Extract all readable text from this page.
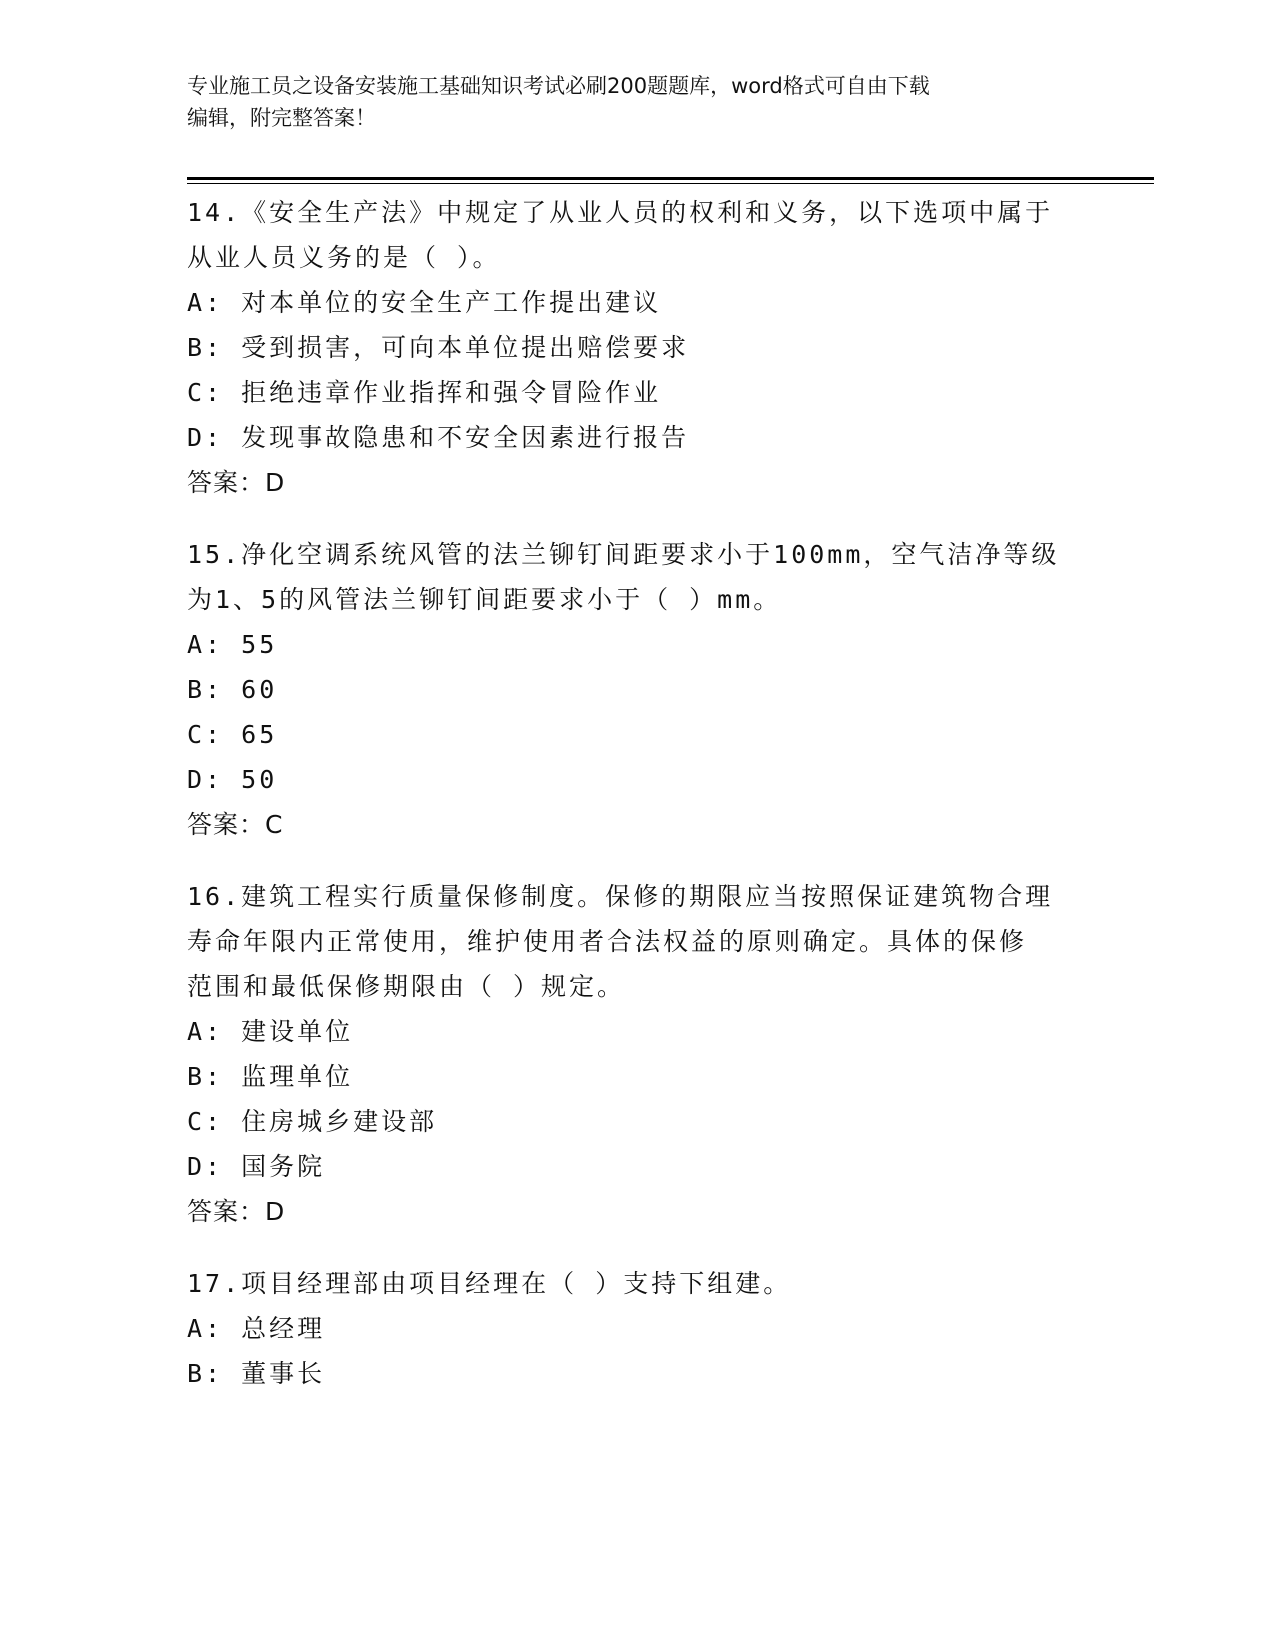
专业施工员之设备安装施工基础知识考试必刷200题题库，word格式可自由下载
编辑，附完整答案！
14.《安全生产法》中规定了从业人员的权利和义务，以下选项中属于
从业人员义务的是（ ）。
A: 对本单位的安全生产工作提出建议
B: 受到损害，可向本单位提出赔偿要求
C: 拒绝违章作业指挥和强令冒险作业
D: 发现事故隐患和不安全因素进行报告
答案：D
15.净化空调系统风管的法兰铆钉间距要求小于100mm，空气洁净等级
为1、5的风管法兰铆钉间距要求小于（ ）mm。
A: 55
B: 60
C: 65
D: 50
答案：C
16.建筑工程实行质量保修制度。保修的期限应当按照保证建筑物合理
寿命年限内正常使用，维护使用者合法权益的原则确定。具体的保修
范围和最低保修期限由（ ）规定。
A: 建设单位
B: 监理单位
C: 住房城乡建设部
D: 国务院
答案：D
17.项目经理部由项目经理在（ ）支持下组建。
A: 总经理
B: 董事长
